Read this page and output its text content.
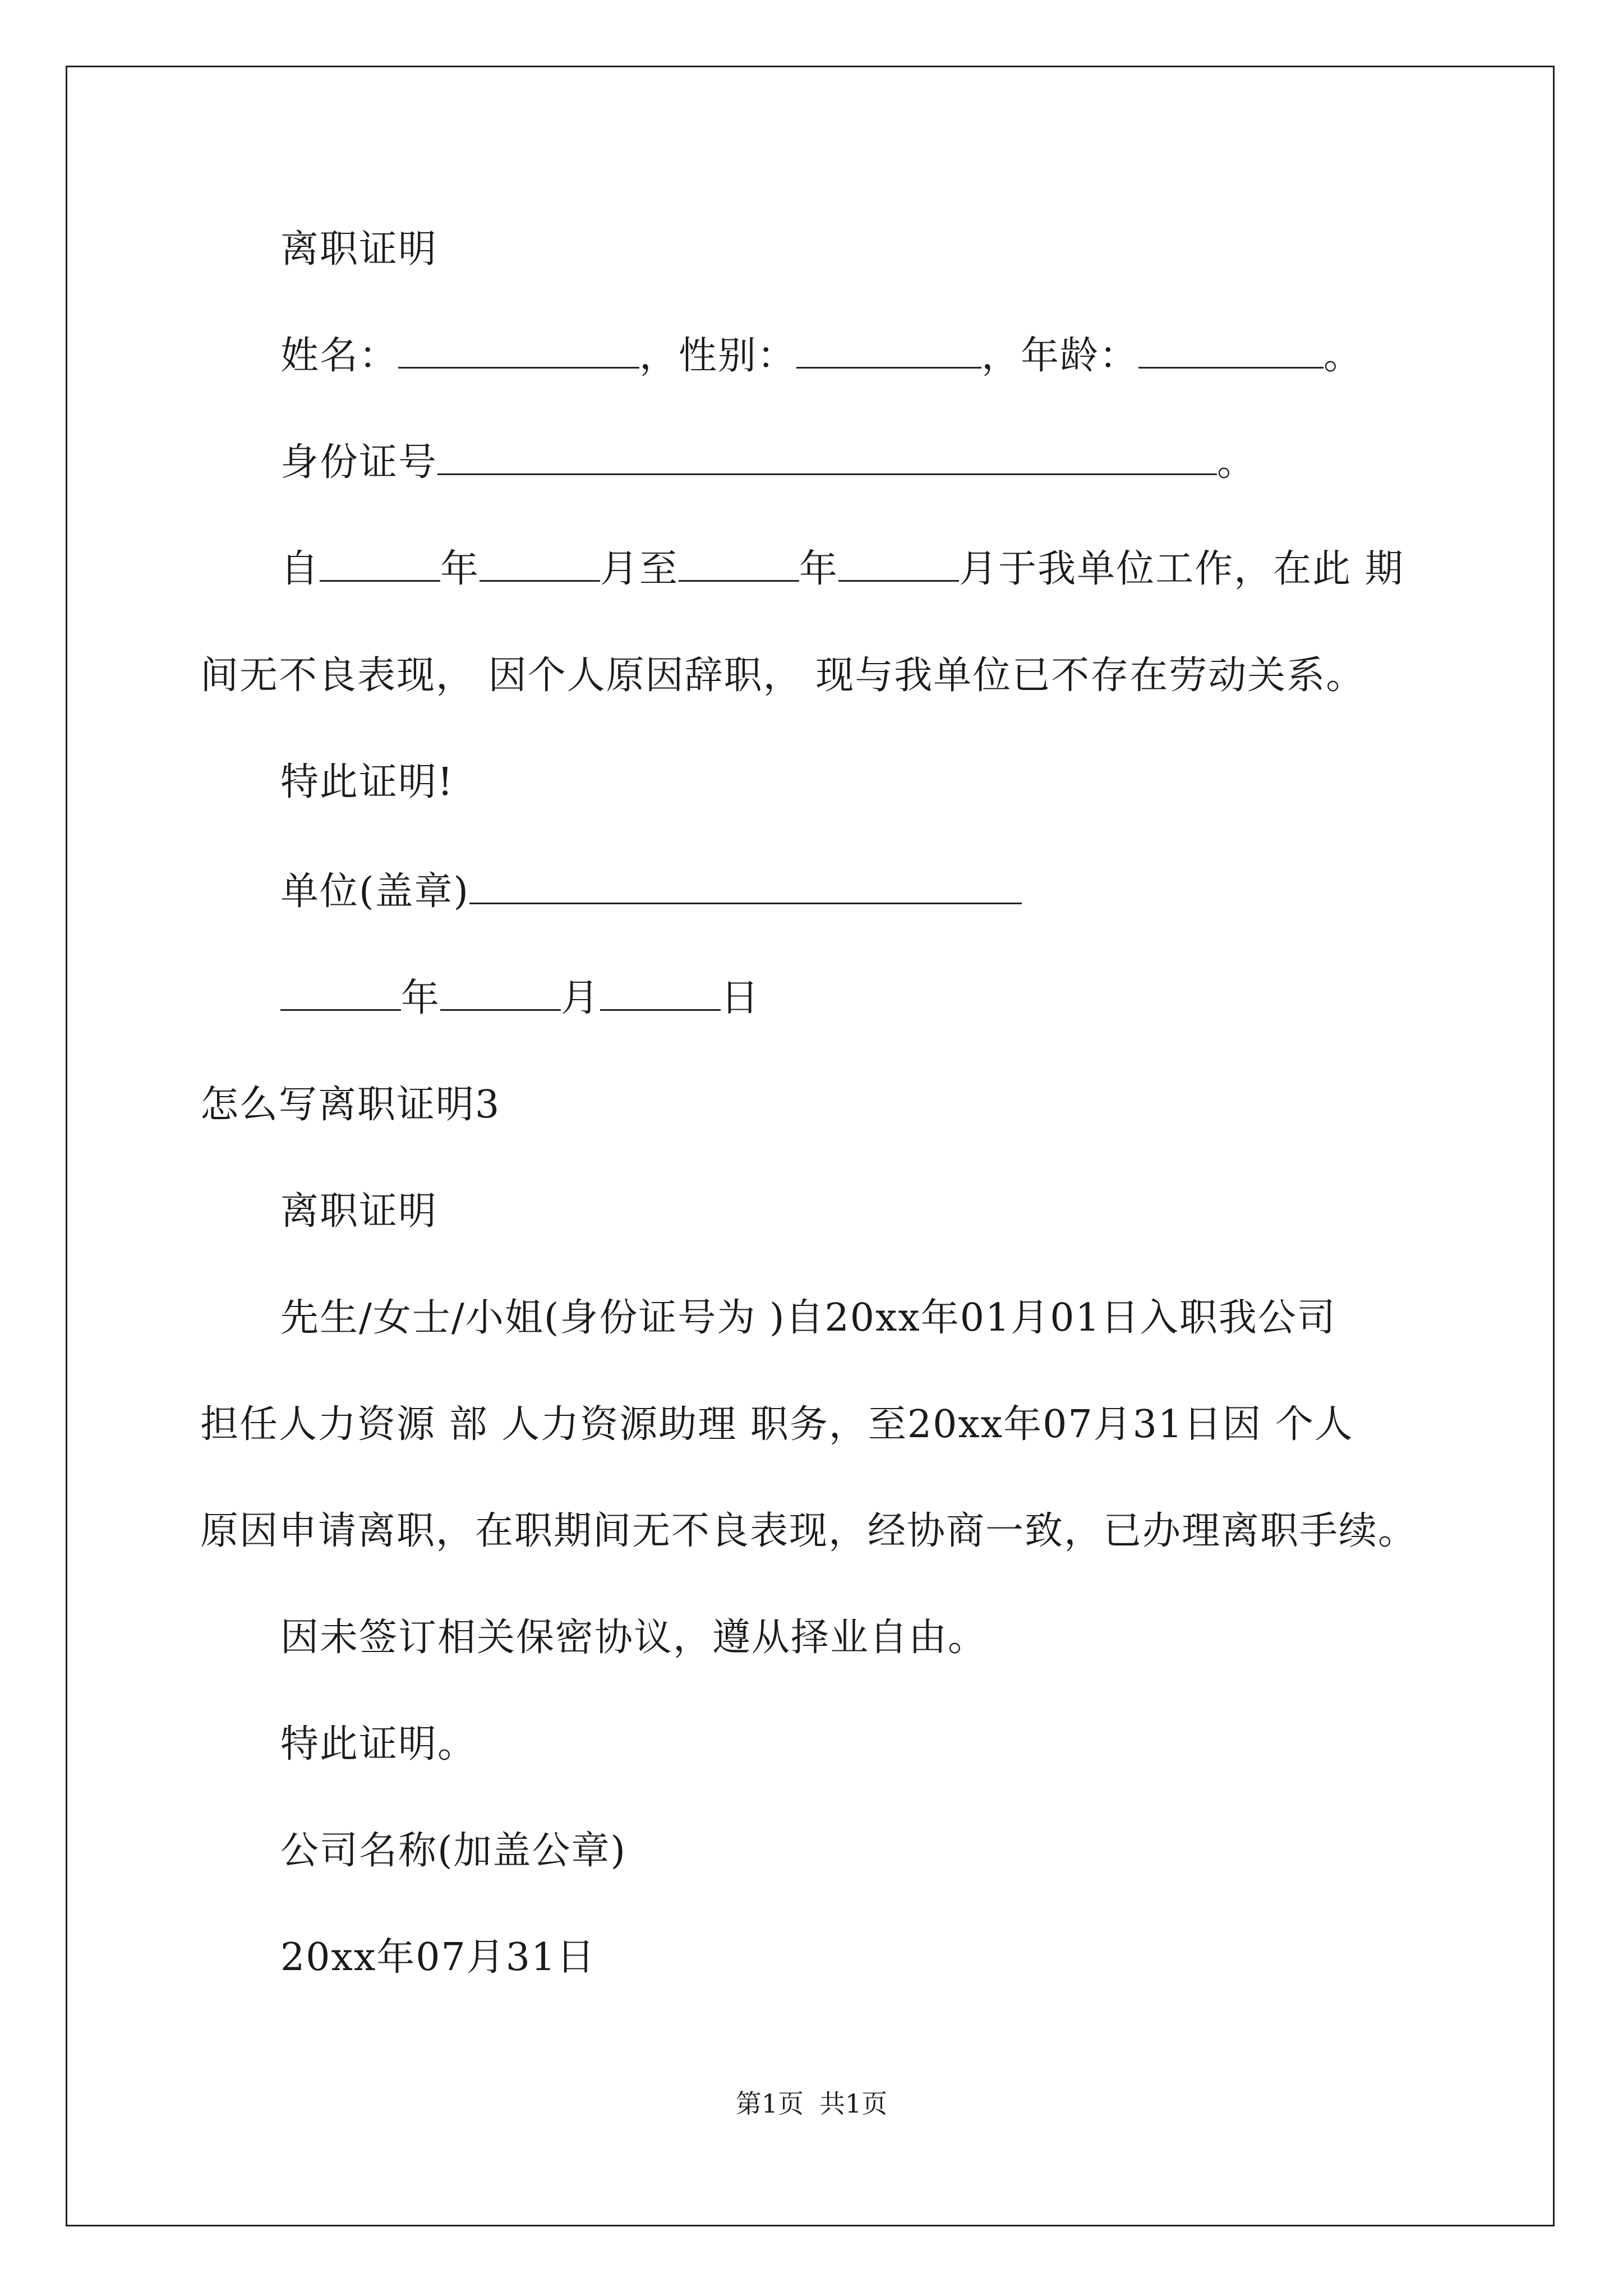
离职证明
姓名：	，性别：	，年龄：	。
身份证号	。
自	年	月至	年	月于我单位工作，在此 期
间无不良表现， 因个人原因辞职， 现与我单位已不存在劳动关系。
特此证明!
单位(盖章)
年	月	日
怎么写离职证明3
离职证明
先生/女士/小姐(身份证号为 )自20xx年01月01日入职我公司
担任人力资源 部 人力资源助理 职务，至20xx年07月31日因 个人
原因申请离职，在职期间无不良表现，经协商一致，已办理离职手续。
因未签订相关保密协议，遵从择业自由。
特此证明。
公司名称(加盖公章)
20xx年07月31日
第1页 共1页
